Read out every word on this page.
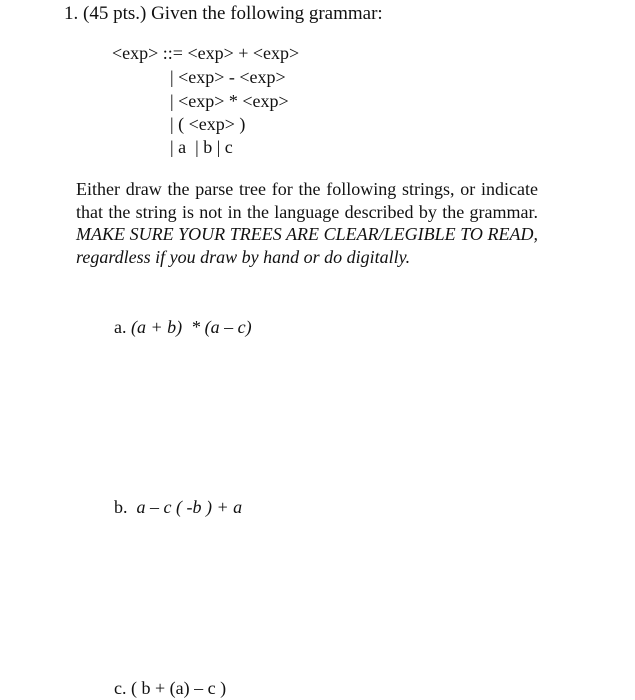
1. (45 pts.) Given the following grammar:
<exp> ::= <exp> + <exp>
| <exp> - <exp>
| <exp> * <exp>
| ( <exp> )
| a  | b | c
Either draw the parse tree for the following strings, or indicate that the string is not in the language described by the grammar. MAKE SURE YOUR TREES ARE CLEAR/LEGIBLE TO READ, regardless if you draw by hand or do digitally.
a. (a + b)  * (a – c)
b. a – c ( -b ) + a
c. ( b + (a) – c )
